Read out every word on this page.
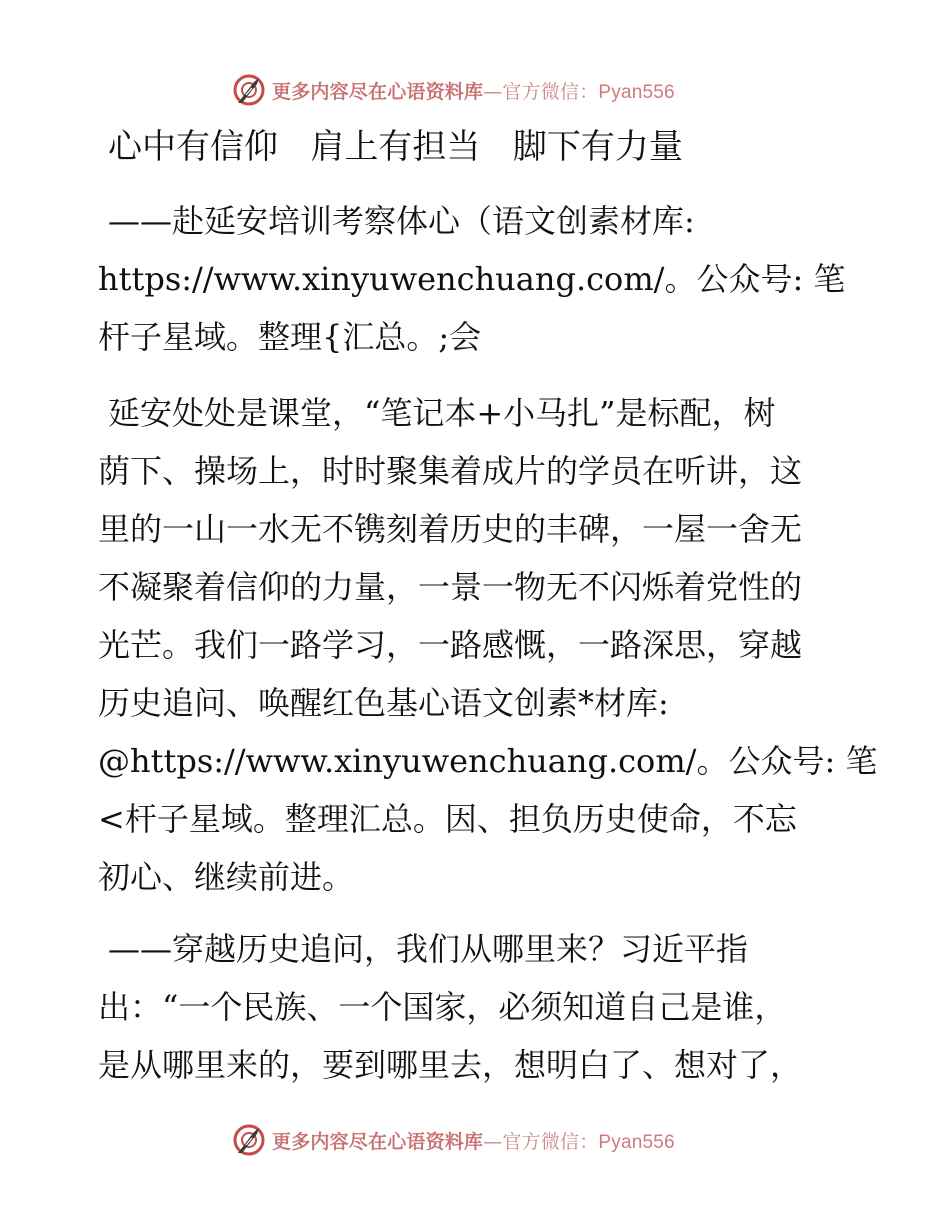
更多内容尽在心语资料库—官方微信：Pyan556
心中有信仰   肩上有担当   脚下有力量
——赴延安培训考察体心（语文创素材库:
https://www.xinyuwenchuang.com/。公众号: 笔
杆子星域。整理{汇总。;会
延安处处是课堂，“笔记本+小马扎”是标配，树
荫下、操场上，时时聚集着成片的学员在听讲，这
里的一山一水无不镌刻着历史的丰碑，一屋一舍无
不凝聚着信仰的力量，一景一物无不闪烁着党性的
光芒。我们一路学习，一路感慨，一路深思，穿越
历史追问、唤醒红色基心语文创素*材库:
@https://www.xinyuwenchuang.com/。公众号: 笔
<杆子星域。整理汇总。因、担负历史使命，不忘
初心、继续前进。
——穿越历史追问，我们从哪里来？习近平指
出：“一个民族、一个国家，必须知道自己是谁，
是从哪里来的，要到哪里去，想明白了、想对了，
更多内容尽在心语资料库—官方微信：Pyan556
